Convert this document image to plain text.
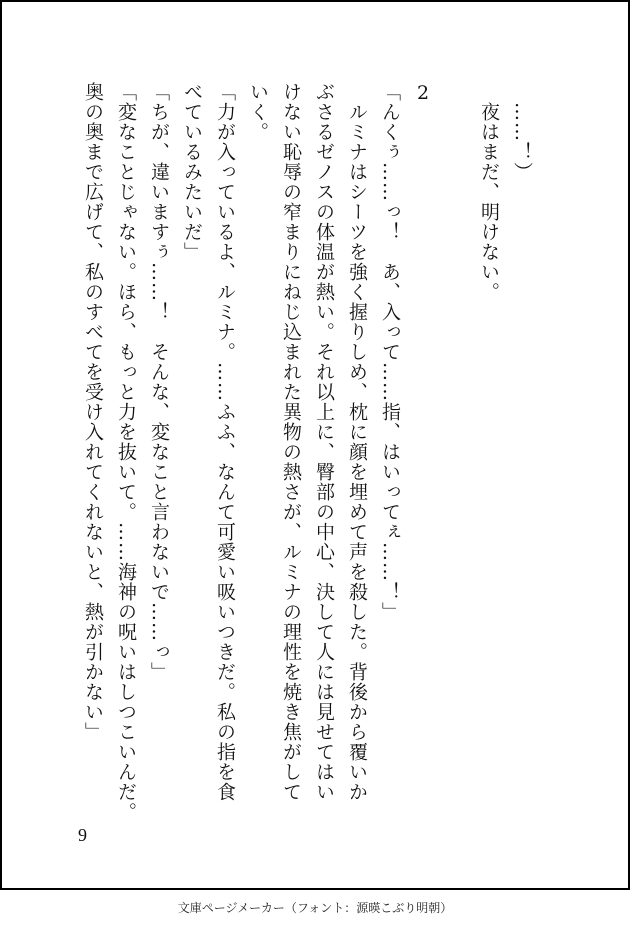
……！）
夜はまだ、明けない。
2
「んくぅ……っ！　あ、入って……指、はいってぇ……！」
ルミナはシーツを強く握りしめ、枕に顔を埋めて声を殺した。背後から覆いか
ぶさるゼノスの体温が熱い。それ以上に、臀部の中心、決して人には見せてはい
けない恥辱の窄まりにねじ込まれた異物の熱さが、ルミナの理性を焼き焦がして
いく。
「力が入っているよ、ルミナ。……ふふ、なんて可愛い吸いつきだ。私の指を食
べているみたいだ」
「ちが、違いますぅ……！　そんな、変なこと言わないで……っ」
「変なことじゃない。ほら、もっと力を抜いて。……海神の呪いはしつこいんだ。
奥の奥まで広げて、私のすべてを受け入れてくれないと、熱が引かない」
9
文庫ページメーカー（フォント：源暎こぶり明朝）
